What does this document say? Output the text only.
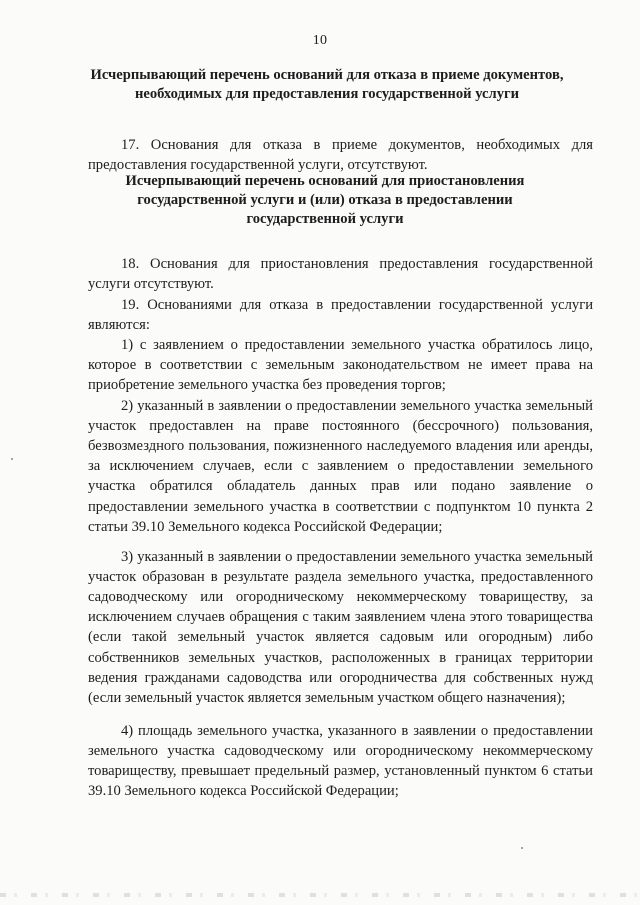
10
Исчерпывающий перечень оснований для отказа в приеме документов,
необходимых для предоставления государственной услуги

17. Основания для отказа в приеме документов, необходимых для предоставления государственной услуги, отсутствуют.

Исчерпывающий перечень оснований для приостановления
государственной услуги и (или) отказа в предоставлении
государственной услуги

18. Основания для приостановления предоставления государственной услуги отсутствуют.

19. Основаниями для отказа в предоставлении государственной услуги являются:

1) с заявлением о предоставлении земельного участка обратилось лицо, которое в соответствии с земельным законодательством не имеет права на приобретение земельного участка без проведения торгов;

2) указанный в заявлении о предоставлении земельного участка земельный участок предоставлен на праве постоянного (бессрочного) пользования, безвозмездного пользования, пожизненного наследуемого владения или аренды, за исключением случаев, если с заявлением о предоставлении земельного участка обратился обладатель данных прав или подано заявление о предоставлении земельного участка в соответствии с подпунктом 10 пункта 2 статьи 39.10 Земельного кодекса Российской Федерации;

3) указанный в заявлении о предоставлении земельного участка земельный участок образован в результате раздела земельного участка, предоставленного садоводческому или огородническому некоммерческому товариществу, за исключением случаев обращения с таким заявлением члена этого товарищества (если такой земельный участок является садовым или огородным) либо собственников земельных участков, расположенных в границах территории ведения гражданами садоводства или огородничества для собственных нужд (если земельный участок является земельным участком общего назначения);

4) площадь земельного участка, указанного в заявлении о предоставлении земельного участка садоводческому или огородническому некоммерческому товариществу, превышает предельный размер, установленный пунктом 6 статьи 39.10 Земельного кодекса Российской Федерации;
